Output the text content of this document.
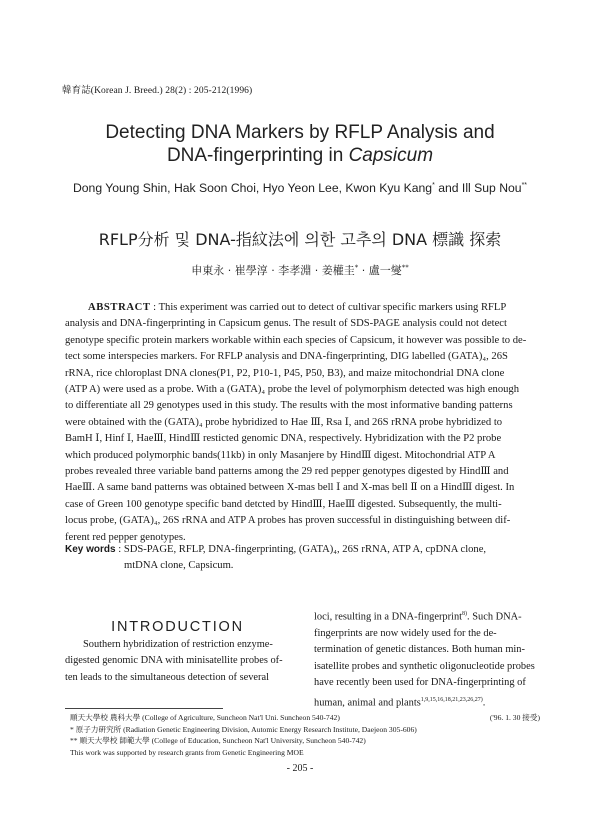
韓育誌(Korean J. Breed.) 28(2) : 205-212(1996)
Detecting DNA Markers by RFLP Analysis and
DNA-fingerprinting in Capsicum
Dong Young Shin, Hak Soon Choi, Hyo Yeon Lee, Kwon Kyu Kang* and Ill Sup Nou**
RFLP分析 및 DNA-指紋法에 의한 고추의 DNA 標識 探索
申東永 · 崔學淳 · 李孝淵 · 姜權圭* · 盧一燮**
ABSTRACT : This experiment was carried out to detect of cultivar specific markers using RFLP
analysis and DNA-fingerprinting in Capsicum genus. The result of SDS-PAGE analysis could not detect
genotype specific protein markers workable within each species of Capsicum, it however was possible to de-
tect some interspecies markers. For RFLP analysis and DNA-fingerprinting, DIG labelled (GATA)₄, 26S
rRNA, rice chloroplast DNA clones(P1, P2, P10-1, P45, P50, B3), and maize mitochondrial DNA clone
(ATP A) were used as a probe. With a (GATA)₄ probe the level of polymorphism detected was high enough
to differentiate all 29 genotypes used in this study. The results with the most informative banding patterns
were obtained with the (GATA)₄ probe hybridized to Hae Ⅲ, Rsa Ⅰ, and 26S rRNA probe hybridized to
BamH Ⅰ, Hinf Ⅰ, HaeⅢ, HindⅢ resticted genomic DNA, respectively. Hybridization with the P2 probe
which produced polymorphic bands(11kb) in only Masanjere by HindⅢ digest. Mitochondrial ATP A
probes revealed three variable band patterns among the 29 red pepper genotypes digested by HindⅢ and
HaeⅢ. A same band patterns was obtained between X-mas bell Ⅰ and X-mas bell Ⅱ on a HindⅢ digest. In
case of Green 100 genotype specific band detcted by HindⅢ, HaeⅢ digested. Subsequently, the multi-
locus probe, (GATA)₄, 26S rRNA and ATP A probes has proven successful in distinguishing between dif-
ferent red pepper genotypes.
Key words : SDS-PAGE, RFLP, DNA-fingerprinting, (GATA)₄, 26S rRNA, ATP A, cpDNA clone,
mtDNA clone, Capsicum.
INTRODUCTION
Southern hybridization of restriction enzyme-
digested genomic DNA with minisatellite probes of-
ten leads to the simultaneous detection of several
loci, resulting in a DNA-fingerprint$^{8)}$. Such DNA-
fingerprints are now widely used for the de-
termination of genetic distances. Both human min-
isatellite probes and synthetic oligonucleotide probes
have recently been used for DNA-fingerprinting of
human, animal and plants$^{1,9,15,16,18,21,23,26,27)}$.
順天大學校 農科大學 (College of Agriculture, Suncheon Nat'l Uni. Suncheon 540-742)
* 原子力硏究所 (Radiation Genetic Engineering Division, Automic Energy Research Institute, Daejeon 305-606)
** 順天大學校 師範大學 (College of Education, Suncheon Nat'l University, Suncheon 540-742)
This work was supported by research grants from Genetic Engineering MOE
('96. 1. 30 接受)
- 205 -
